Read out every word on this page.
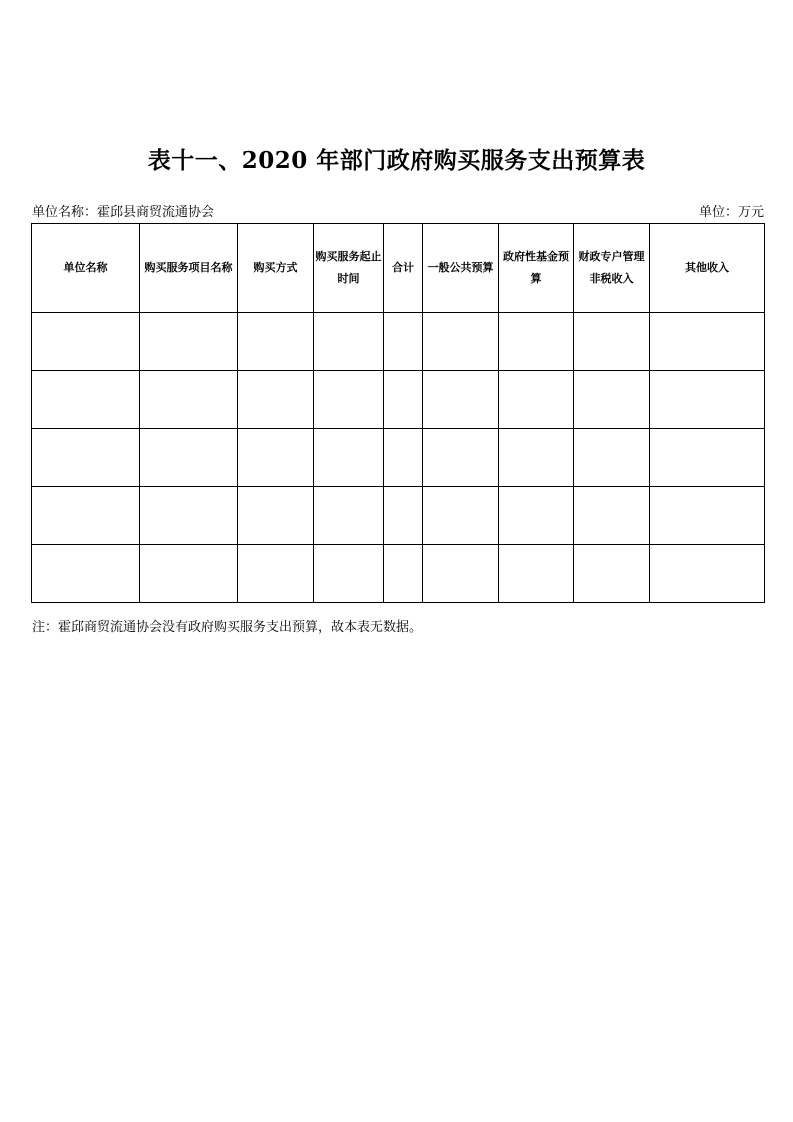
表十一、2020 年部门政府购买服务支出预算表
单位名称：霍邱县商贸流通协会	单位：万元
单位名称	购买服务项目名称	购买方式	购买服务起止时间	合计	一般公共预算	政府性基金预算	财政专户管理非税收入	其他收入

注：霍邱商贸流通协会没有政府购买服务支出预算，故本表无数据。
